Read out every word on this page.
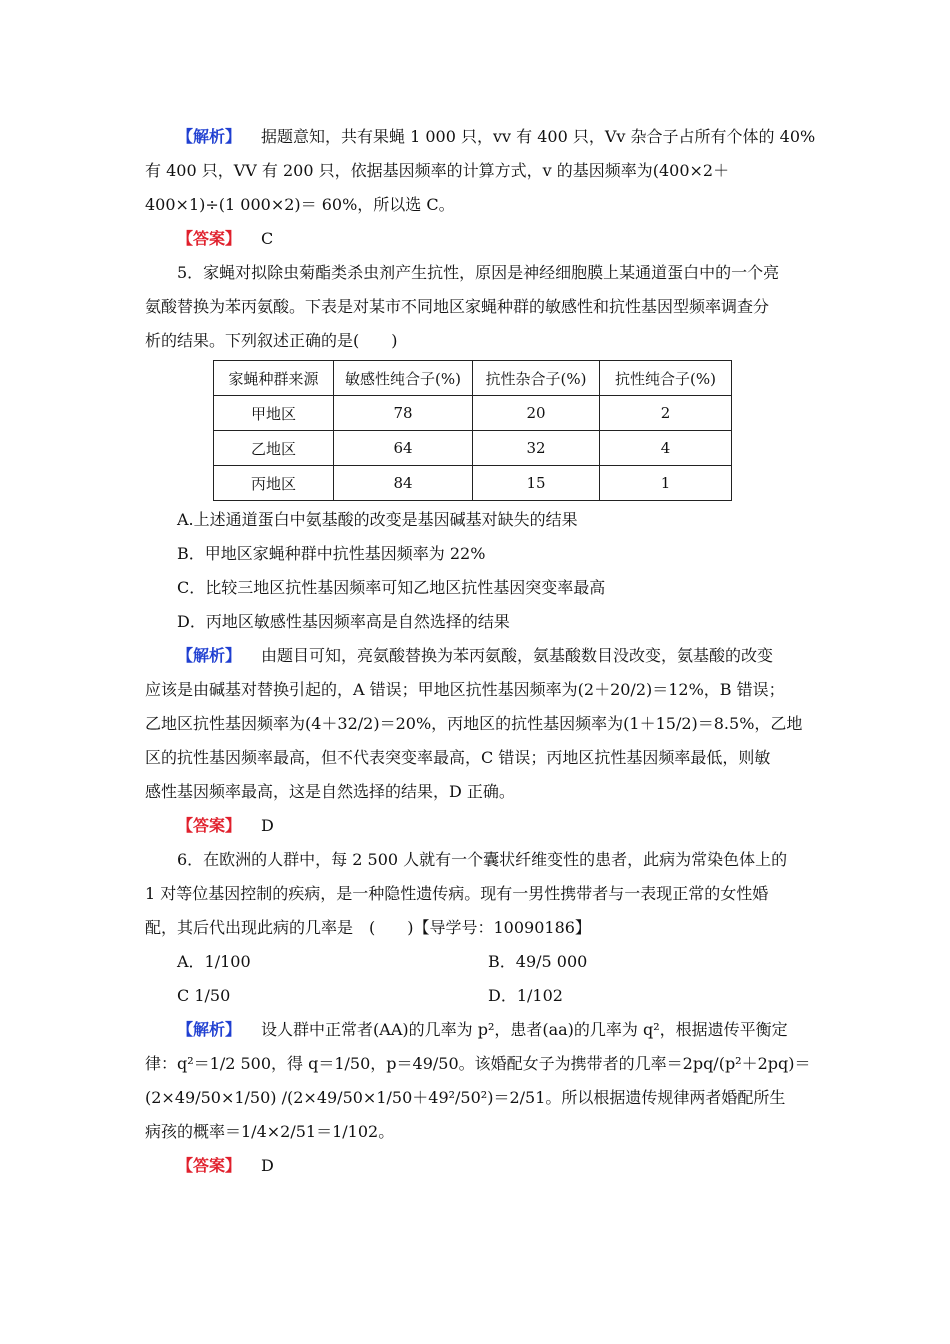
【解析】 据题意知，共有果蝇 1 000 只，vv 有 400 只，Vv 杂合子占所有个体的 40%
有 400 只，VV 有 200 只，依据基因频率的计算方式，v 的基因频率为(400×2＋
400×1)÷(1 000×2)＝ 60%，所以选 C。
【答案】 C
5．家蝇对拟除虫菊酯类杀虫剂产生抗性，原因是神经细胞膜上某通道蛋白中的一个亮
氨酸替换为苯丙氨酸。下表是对某市不同地区家蝇种群的敏感性和抗性基因型频率调查分
析的结果。下列叙述正确的是(　　)
家蝇种群来源	敏感性纯合子(%)	抗性杂合子(%)	抗性纯合子(%)
甲地区	78	20	2
乙地区	64	32	4
丙地区	84	15	1
A.上述通道蛋白中氨基酸的改变是基因碱基对缺失的结果
B．甲地区家蝇种群中抗性基因频率为 22%
C．比较三地区抗性基因频率可知乙地区抗性基因突变率最高
D．丙地区敏感性基因频率高是自然选择的结果
【解析】 由题目可知，亮氨酸替换为苯丙氨酸，氨基酸数目没改变，氨基酸的改变
应该是由碱基对替换引起的，A 错误；甲地区抗性基因频率为(2＋20/2)＝12%，B 错误；
乙地区抗性基因频率为(4＋32/2)＝20%，丙地区的抗性基因频率为(1＋15/2)＝8.5%，乙地
区的抗性基因频率最高，但不代表突变率最高，C 错误；丙地区抗性基因频率最低，则敏
感性基因频率最高，这是自然选择的结果，D 正确。
【答案】 D
6．在欧洲的人群中，每 2 500 人就有一个囊状纤维变性的患者，此病为常染色体上的
1 对等位基因控制的疾病，是一种隐性遗传病。现有一男性携带者与一表现正常的女性婚
配，其后代出现此病的几率是　(　　)【导学号：10090186】
A．1/100	B．49/5 000
C 1/50	D．1/102
【解析】 设人群中正常者(AA)的几率为 p²，患者(aa)的几率为 q²，根据遗传平衡定
律：q²＝1/2 500，得 q＝1/50，p＝49/50。该婚配女子为携带者的几率＝2pq/(p²＋2pq)＝
(2×49/50×1/50) /(2×49/50×1/50＋49²/50²)＝2/51。所以根据遗传规律两者婚配所生
病孩的概率＝1/4×2/51＝1/102。
【答案】 D
